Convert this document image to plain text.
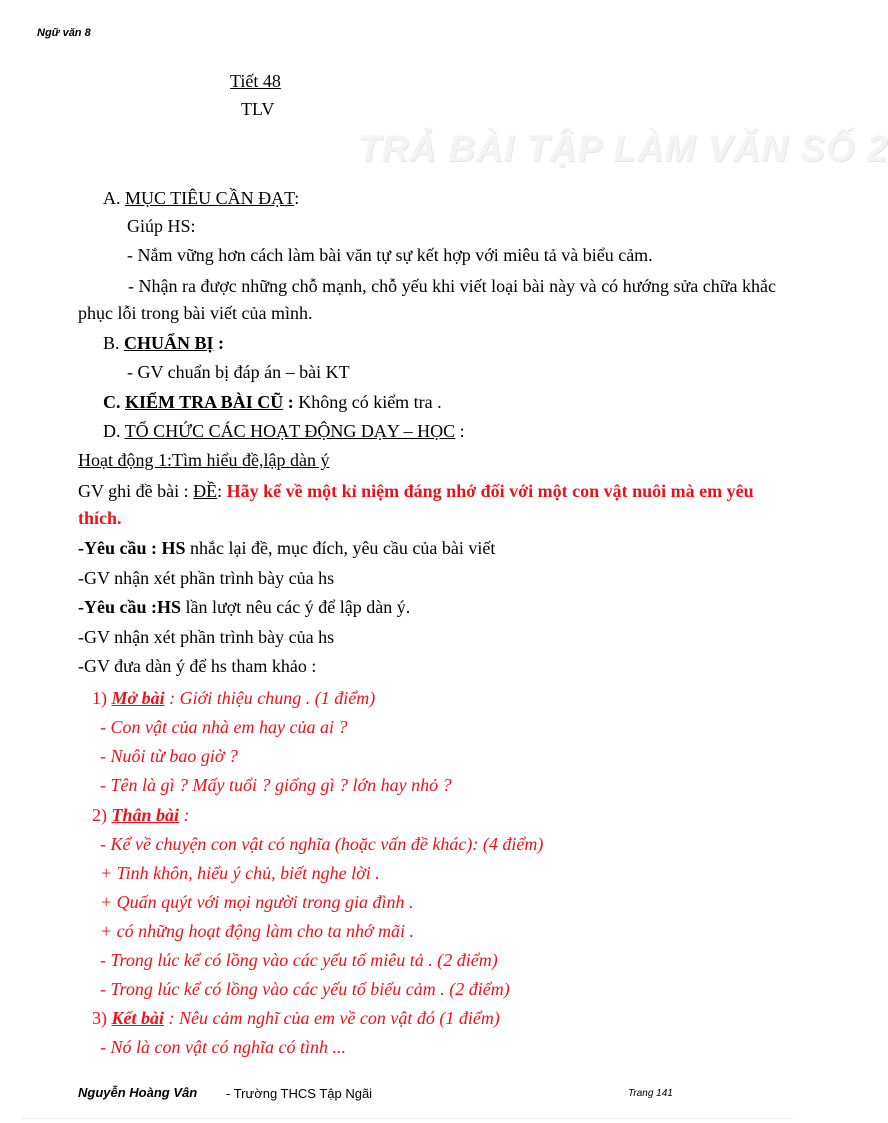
Ngữ văn 8
Tiết 48
TLV
TRẢ BÀI TẬP LÀM VĂN SỐ 2
A. MỤC TIÊU CẦN ĐẠT:
Giúp HS:
- Nắm vững hơn cách làm bài văn tự sự kết hợp với miêu tả và biểu cảm.
- Nhận ra được những chỗ mạnh, chỗ yếu khi viết loại bài này và có hướng sửa chữa khắc phục lỗi trong bài viết của mình.
B. CHUẨN BỊ :
- GV chuẩn bị đáp án – bài KT
C. KIỂM TRA BÀI CŨ : Không có kiểm tra .
D. TỔ CHỨC CÁC HOẠT ĐỘNG DẠY – HỌC :
Hoạt động 1:Tìm hiểu đề,lập dàn ý
GV ghi đề bài : ĐỀ: Hãy kể về một kỉ niệm đáng nhớ đối với một con vật nuôi mà em yêu thích.
-Yêu cầu : HS nhắc lại đề, mục đích, yêu cầu của bài viết
-GV nhận xét phần trình bày của hs
-Yêu cầu :HS lần lượt nêu các ý để lập dàn ý.
-GV nhận xét phần trình bày của hs
-GV đưa dàn ý để hs tham khảo :
1) Mở bài : Giới thiệu chung . (1 điểm)
- Con vật của nhà em hay của ai ?
- Nuôi từ bao giờ ?
- Tên là gì ? Mấy tuổi ? giống gì ? lớn hay nhỏ ?
2) Thân bài :
- Kể về chuyện con vật có nghĩa (hoặc vấn đề khác): (4 điểm)
+ Tinh khôn, hiểu ý chủ, biết nghe lời .
+ Quấn quýt với mọi người trong gia đình .
+ có những hoạt động làm cho ta nhớ mãi .
- Trong lúc kể có lồng vào các yếu tố miêu tả . (2 điểm)
- Trong lúc kể có lồng vào các yếu tố biểu cảm . (2 điểm)
3) Kết bài : Nêu cảm nghĩ của em về con vật đó (1 điểm)
- Nó là con vật có nghĩa có tình ...
Nguyễn Hoàng Vân - Trường THCS Tập Ngãi	Trang 141
